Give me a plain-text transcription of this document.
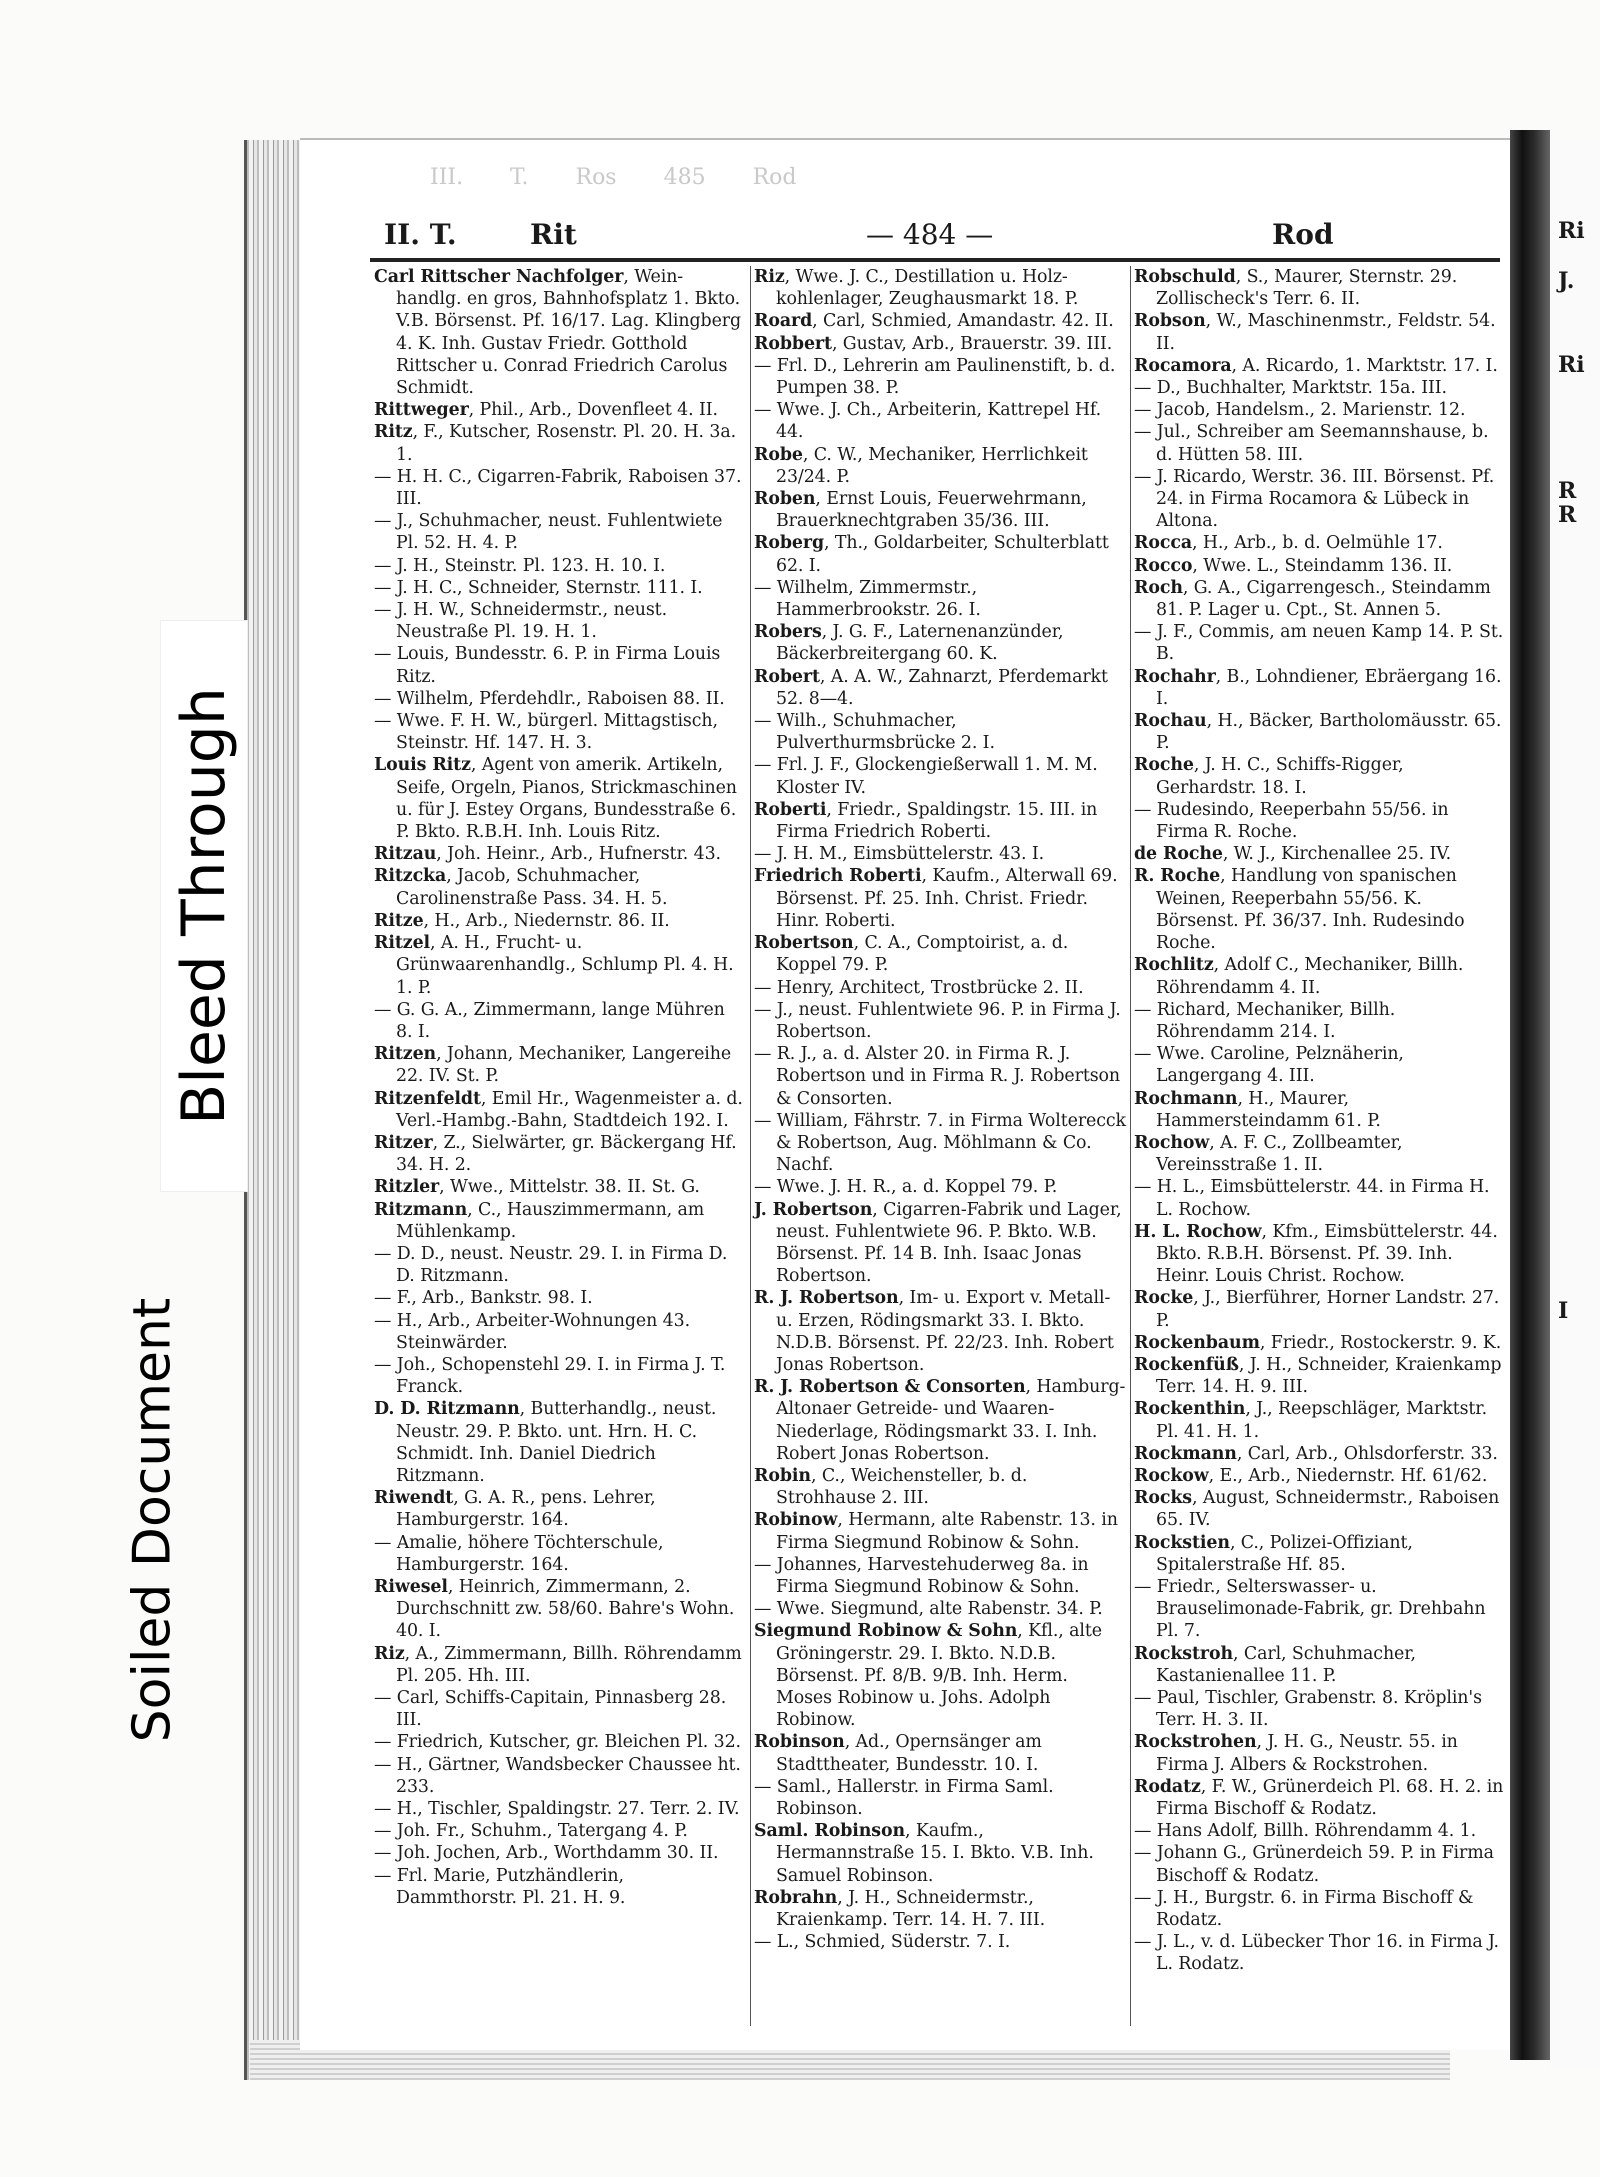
Ri
J.
Ri
R
R
I
III. T. Ros 485 Rod
II. T.	Rit	— 484 —	Rod

Carl Rittscher Nachfolger, Wein-handlg. en gros, Bahnhofsplatz 1. Bkto. V.B. Börsenst. Pf. 16/17. Lag. Klingberg 4. K. Inh. Gustav Friedr. Gotthold Rittscher u. Conrad Friedrich Carolus Schmidt.

Rittweger, Phil., Arb., Dovenfleet 4. II.

Ritz, F., Kutscher, Rosenstr. Pl. 20. H. 3a. 1.

— H. H. C., Cigarren-Fabrik, Raboisen 37. III.

— J., Schuhmacher, neust. Fuhlentwiete Pl. 52. H. 4. P.

— J. H., Steinstr. Pl. 123. H. 10. I.

— J. H. C., Schneider, Sternstr. 111. I.

— J. H. W., Schneidermstr., neust. Neustraße Pl. 19. H. 1.

— Louis, Bundesstr. 6. P. in Firma Louis Ritz.

— Wilhelm, Pferdehdlr., Raboisen 88. II.

— Wwe. F. H. W., bürgerl. Mittagstisch, Steinstr. Hf. 147. H. 3.

Louis Ritz, Agent von amerik. Artikeln, Seife, Orgeln, Pianos, Strickmaschinen u. für J. Estey Organs, Bundesstraße 6. P. Bkto. R.B.H. Inh. Louis Ritz.

Ritzau, Joh. Heinr., Arb., Hufnerstr. 43.

Ritzcka, Jacob, Schuhmacher, Carolinenstraße Pass. 34. H. 5.

Ritze, H., Arb., Niedernstr. 86. II.

Ritzel, A. H., Frucht- u. Grünwaarenhandlg., Schlump Pl. 4. H. 1. P.

— G. G. A., Zimmermann, lange Mühren 8. I.

Ritzen, Johann, Mechaniker, Langereihe 22. IV. St. P.

Ritzenfeldt, Emil Hr., Wagenmeister a. d. Verl.-Hambg.-Bahn, Stadtdeich 192. I.

Ritzer, Z., Sielwärter, gr. Bäckergang Hf. 34. H. 2.

Ritzler, Wwe., Mittelstr. 38. II. St. G.

Ritzmann, C., Hauszimmermann, am Mühlenkamp.

— D. D., neust. Neustr. 29. I. in Firma D. D. Ritzmann.

— F., Arb., Bankstr. 98. I.

— H., Arb., Arbeiter-Wohnungen 43. Steinwärder.

— Joh., Schopenstehl 29. I. in Firma J. T. Franck.

D. D. Ritzmann, Butterhandlg., neust. Neustr. 29. P. Bkto. unt. Hrn. H. C. Schmidt. Inh. Daniel Diedrich Ritzmann.

Riwendt, G. A. R., pens. Lehrer, Hamburgerstr. 164.

— Amalie, höhere Töchterschule, Hamburgerstr. 164.

Riwesel, Heinrich, Zimmermann, 2. Durchschnitt zw. 58/60. Bahre's Wohn. 40. I.

Riz, A., Zimmermann, Billh. Röhrendamm Pl. 205. Hh. III.

— Carl, Schiffs-Capitain, Pinnasberg 28. III.

— Friedrich, Kutscher, gr. Bleichen Pl. 32.

— H., Gärtner, Wandsbecker Chaussee ht. 233.

— H., Tischler, Spaldingstr. 27. Terr. 2. IV.

— Joh. Fr., Schuhm., Tatergang 4. P.

— Joh. Jochen, Arb., Worthdamm 30. II.

— Frl. Marie, Putzhändlerin, Dammthorstr. Pl. 21. H. 9.

Riz, Wwe. J. C., Destillation u. Holz-kohlenlager, Zeughausmarkt 18. P.

Roard, Carl, Schmied, Amandastr. 42. II.

Robbert, Gustav, Arb., Brauerstr. 39. III.

— Frl. D., Lehrerin am Paulinenstift, b. d. Pumpen 38. P.

— Wwe. J. Ch., Arbeiterin, Kattrepel Hf. 44.

Robe, C. W., Mechaniker, Herrlichkeit 23/24. P.

Roben, Ernst Louis, Feuerwehrmann, Brauerknechtgraben 35/36. III.

Roberg, Th., Goldarbeiter, Schulterblatt 62. I.

— Wilhelm, Zimmermstr., Hammerbrookstr. 26. I.

Robers, J. G. F., Laternenanzünder, Bäckerbreitergang 60. K.

Robert, A. A. W., Zahnarzt, Pferdemarkt 52. 8—4.

— Wilh., Schuhmacher, Pulverthurmsbrücke 2. I.

— Frl. J. F., Glockengießerwall 1. M. M. Kloster IV.

Roberti, Friedr., Spaldingstr. 15. III. in Firma Friedrich Roberti.

— J. H. M., Eimsbüttelerstr. 43. I.

Friedrich Roberti, Kaufm., Alterwall 69. Börsenst. Pf. 25. Inh. Christ. Friedr. Hinr. Roberti.

Robertson, C. A., Comptoirist, a. d. Koppel 79. P.

— Henry, Architect, Trostbrücke 2. II.

— J., neust. Fuhlentwiete 96. P. in Firma J. Robertson.

— R. J., a. d. Alster 20. in Firma R. J. Robertson und in Firma R. J. Robertson & Consorten.

— William, Fährstr. 7. in Firma Wolterecck & Robertson, Aug. Möhlmann & Co. Nachf.

— Wwe. J. H. R., a. d. Koppel 79. P.

J. Robertson, Cigarren-Fabrik und Lager, neust. Fuhlentwiete 96. P. Bkto. W.B. Börsenst. Pf. 14 B. Inh. Isaac Jonas Robertson.

R. J. Robertson, Im- u. Export v. Metall- u. Erzen, Rödingsmarkt 33. I. Bkto. N.D.B. Börsenst. Pf. 22/23. Inh. Robert Jonas Robertson.

R. J. Robertson & Consorten, Hamburg-Altonaer Getreide- und Waaren-Niederlage, Rödingsmarkt 33. I. Inh. Robert Jonas Robertson.

Robin, C., Weichensteller, b. d. Strohhause 2. III.

Robinow, Hermann, alte Rabenstr. 13. in Firma Siegmund Robinow & Sohn.

— Johannes, Harvestehuderweg 8a. in Firma Siegmund Robinow & Sohn.

— Wwe. Siegmund, alte Rabenstr. 34. P.

Siegmund Robinow & Sohn, Kfl., alte Gröningerstr. 29. I. Bkto. N.D.B. Börsenst. Pf. 8/B. 9/B. Inh. Herm. Moses Robinow u. Johs. Adolph Robinow.

Robinson, Ad., Opernsänger am Stadttheater, Bundesstr. 10. I.

— Saml., Hallerstr. in Firma Saml. Robinson.

Saml. Robinson, Kaufm., Hermannstraße 15. I. Bkto. V.B. Inh. Samuel Robinson.

Robrahn, J. H., Schneidermstr., Kraienkamp. Terr. 14. H. 7. III.

— L., Schmied, Süderstr. 7. I.

Robschuld, S., Maurer, Sternstr. 29. Zollischeck's Terr. 6. II.

Robson, W., Maschinenmstr., Feldstr. 54. II.

Rocamora, A. Ricardo, 1. Marktstr. 17. I.

— D., Buchhalter, Marktstr. 15a. III.

— Jacob, Handelsm., 2. Marienstr. 12.

— Jul., Schreiber am Seemannshause, b. d. Hütten 58. III.

— J. Ricardo, Werstr. 36. III. Börsenst. Pf. 24. in Firma Rocamora & Lübeck in Altona.

Rocca, H., Arb., b. d. Oelmühle 17.

Rocco, Wwe. L., Steindamm 136. II.

Roch, G. A., Cigarrengesch., Steindamm 81. P. Lager u. Cpt., St. Annen 5.

— J. F., Commis, am neuen Kamp 14. P. St. B.

Rochahr, B., Lohndiener, Ebräergang 16. I.

Rochau, H., Bäcker, Bartholomäusstr. 65. P.

Roche, J. H. C., Schiffs-Rigger, Gerhardstr. 18. I.

— Rudesindo, Reeperbahn 55/56. in Firma R. Roche.

de Roche, W. J., Kirchenallee 25. IV.

R. Roche, Handlung von spanischen Weinen, Reeperbahn 55/56. K. Börsenst. Pf. 36/37. Inh. Rudesindo Roche.

Rochlitz, Adolf C., Mechaniker, Billh. Röhrendamm 4. II.

— Richard, Mechaniker, Billh. Röhrendamm 214. I.

— Wwe. Caroline, Pelznäherin, Langergang 4. III.

Rochmann, H., Maurer, Hammersteindamm 61. P.

Rochow, A. F. C., Zollbeamter, Vereinsstraße 1. II.

— H. L., Eimsbüttelerstr. 44. in Firma H. L. Rochow.

H. L. Rochow, Kfm., Eimsbüttelerstr. 44. Bkto. R.B.H. Börsenst. Pf. 39. Inh. Heinr. Louis Christ. Rochow.

Rocke, J., Bierführer, Horner Landstr. 27. P.

Rockenbaum, Friedr., Rostockerstr. 9. K.

Rockenfüß, J. H., Schneider, Kraienkamp Terr. 14. H. 9. III.

Rockenthin, J., Reepschläger, Marktstr. Pl. 41. H. 1.

Rockmann, Carl, Arb., Ohlsdorferstr. 33.

Rockow, E., Arb., Niedernstr. Hf. 61/62.

Rocks, August, Schneidermstr., Raboisen 65. IV.

Rockstien, C., Polizei-Offiziant, Spitalerstraße Hf. 85.

— Friedr., Selterswasser- u. Brauselimonade-Fabrik, gr. Drehbahn Pl. 7.

Rockstroh, Carl, Schuhmacher, Kastanienallee 11. P.

— Paul, Tischler, Grabenstr. 8. Kröplin's Terr. H. 3. II.

Rockstrohen, J. H. G., Neustr. 55. in Firma J. Albers & Rockstrohen.

Rodatz, F. W., Grünerdeich Pl. 68. H. 2. in Firma Bischoff & Rodatz.

— Hans Adolf, Billh. Röhrendamm 4. 1.

— Johann G., Grünerdeich 59. P. in Firma Bischoff & Rodatz.

— J. H., Burgstr. 6. in Firma Bischoff & Rodatz.

— J. L., v. d. Lübecker Thor 16. in Firma J. L. Rodatz.

Bleed Through
Soiled Document
